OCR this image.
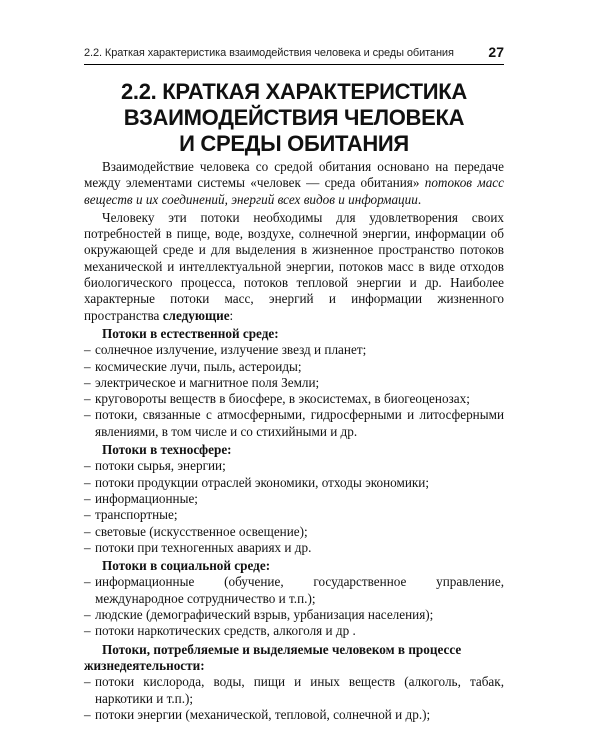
2.2. Краткая характеристика взаимодействия человека и среды обитания 27
2.2. КРАТКАЯ ХАРАКТЕРИСТИКА
ВЗАИМОДЕЙСТВИЯ ЧЕЛОВЕКА
И СРЕДЫ ОБИТАНИЯ
Взаимодействие человека со средой обитания основано на передаче между элементами системы «человек — среда обитания» потоков масс веществ и их соединений, энергий всех видов и информации.
Человеку эти потоки необходимы для удовлетворения своих потребностей в пище, воде, воздухе, солнечной энергии, информации об окружающей среде и для выделения в жизненное пространство потоков механической и интеллектуальной энергии, потоков масс в виде отходов биологического процесса, потоков тепловой энергии и др. Наиболее характерные потоки масс, энергий и информации жизненного пространства следующие:
Потоки в естественной среде:
– солнечное излучение, излучение звезд и планет;
– космические лучи, пыль, астероиды;
– электрическое и магнитное поля Земли;
– круговороты веществ в биосфере, в экосистемах, в биогеоценозах;
– потоки, связанные с атмосферными, гидросферными и литосферными явлениями, в том числе и со стихийными и др.
Потоки в техносфере:
– потоки сырья, энергии;
– потоки продукции отраслей экономики, отходы экономики;
– информационные;
– транспортные;
– световые (искусственное освещение);
– потоки при техногенных авариях и др.
Потоки в социальной среде:
– информационные (обучение, государственное управление, международное сотрудничество и т.п.);
– людские (демографический взрыв, урбанизация населения);
– потоки наркотических средств, алкоголя и др .
Потоки, потребляемые и выделяемые человеком в процессе жизнедеятельности:
– потоки кислорода, воды, пищи и иных веществ (алкоголь, табак, наркотики и т.п.);
– потоки энергии (механической, тепловой, солнечной и др.);
